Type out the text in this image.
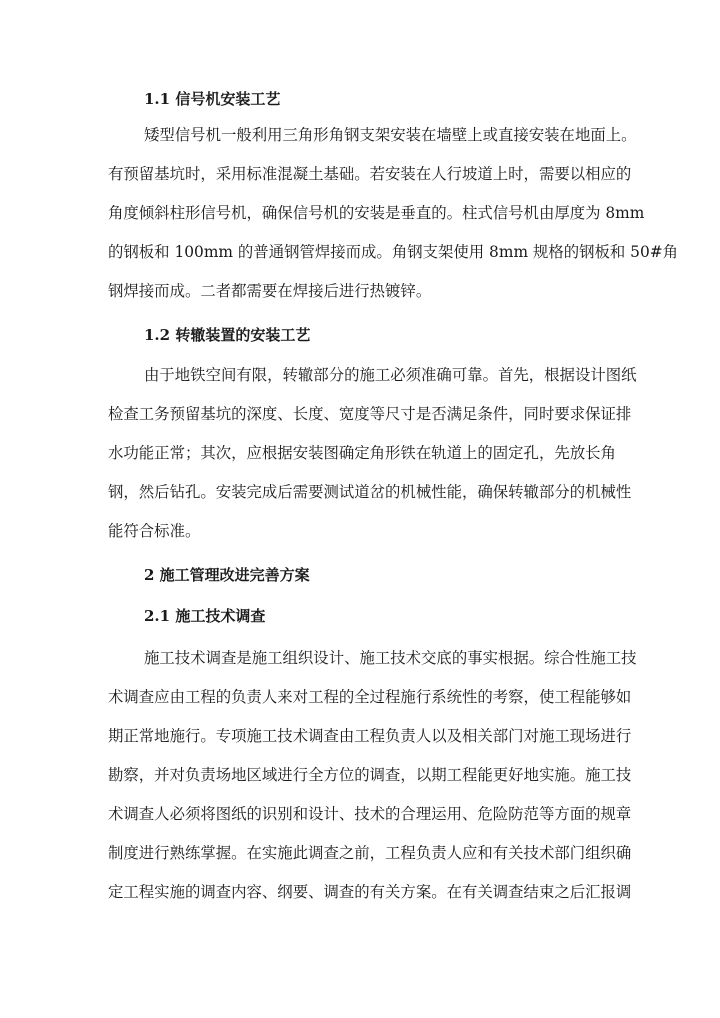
1.1 信号机安装工艺
矮型信号机一般利用三角形角钢支架安装在墙壁上或直接安装在地面上。
有预留基坑时，采用标准混凝土基础。若安装在人行坡道上时，需要以相应的
角度倾斜柱形信号机，确保信号机的安装是垂直的。柱式信号机由厚度为 8mm
的钢板和 100mm 的普通钢管焊接而成。角钢支架使用 8mm 规格的钢板和 50#角
钢焊接而成。二者都需要在焊接后进行热镀锌。
1.2 转辙装置的安装工艺
由于地铁空间有限，转辙部分的施工必须准确可靠。首先，根据设计图纸
检查工务预留基坑的深度、长度、宽度等尺寸是否满足条件，同时要求保证排
水功能正常；其次，应根据安装图确定角形铁在轨道上的固定孔，先放长角
钢，然后钻孔。安装完成后需要测试道岔的机械性能，确保转辙部分的机械性
能符合标准。
2 施工管理改进完善方案
2.1 施工技术调查
施工技术调查是施工组织设计、施工技术交底的事实根据。综合性施工技
术调查应由工程的负责人来对工程的全过程施行系统性的考察，使工程能够如
期正常地施行。专项施工技术调查由工程负责人以及相关部门对施工现场进行
勘察，并对负责场地区域进行全方位的调查，以期工程能更好地实施。施工技
术调查人必须将图纸的识别和设计、技术的合理运用、危险防范等方面的规章
制度进行熟练掌握。在实施此调查之前，工程负责人应和有关技术部门组织确
定工程实施的调查内容、纲要、调查的有关方案。在有关调查结束之后汇报调
